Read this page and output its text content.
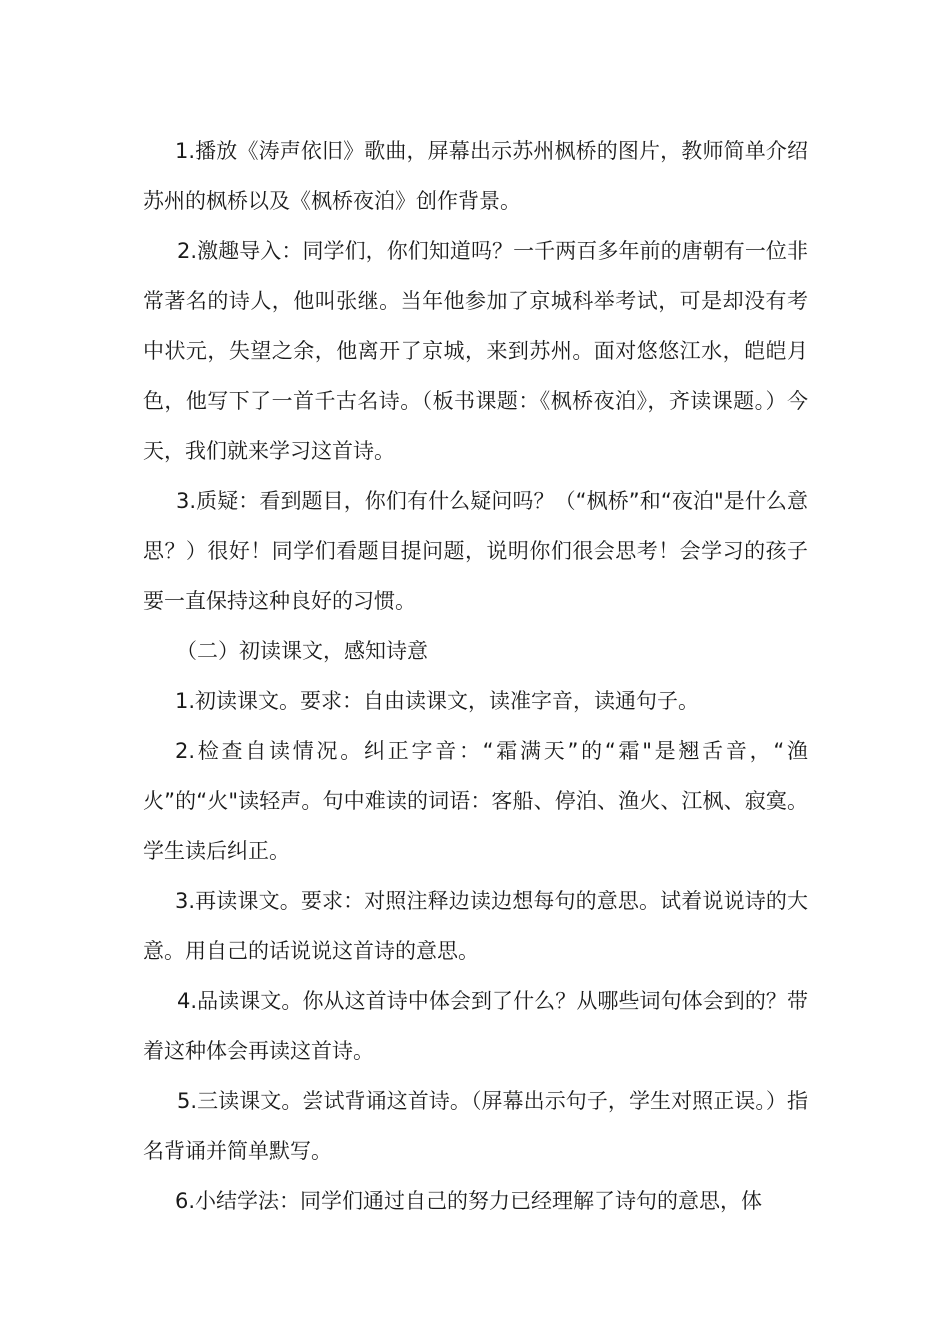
1.播放《涛声依旧》歌曲，屏幕出示苏州枫桥的图片，教师简单介绍苏州的枫桥以及《枫桥夜泊》创作背景。

2.激趣导入：同学们，你们知道吗？一千两百多年前的唐朝有一位非常著名的诗人，他叫张继。当年他参加了京城科举考试，可是却没有考中状元，失望之余，他离开了京城，来到苏州。面对悠悠江水，皑皑月色，他写下了一首千古名诗。（板书课题：《枫桥夜泊》，齐读课题。）今天，我们就来学习这首诗。

3.质疑：看到题目，你们有什么疑问吗？（“枫桥”和“夜泊"是什么意思？）很好！同学们看题目提问题，说明你们很会思考！会学习的孩子要一直保持这种良好的习惯。

（二）初读课文，感知诗意

1.初读课文。要求：自由读课文，读准字音，读通句子。

2.检查自读情况。纠正字音：“霜满天”的“霜"是翘舌音，“渔火”的“火"读轻声。句中难读的词语：客船、停泊、渔火、江枫、寂寞。学生读后纠正。

3.再读课文。要求：对照注释边读边想每句的意思。试着说说诗的大意。用自己的话说说这首诗的意思。

4.品读课文。你从这首诗中体会到了什么？从哪些词句体会到的？带着这种体会再读这首诗。

5.三读课文。尝试背诵这首诗。（屏幕出示句子，学生对照正误。）指名背诵并简单默写。

6.小结学法：同学们通过自己的努力已经理解了诗句的意思，体
